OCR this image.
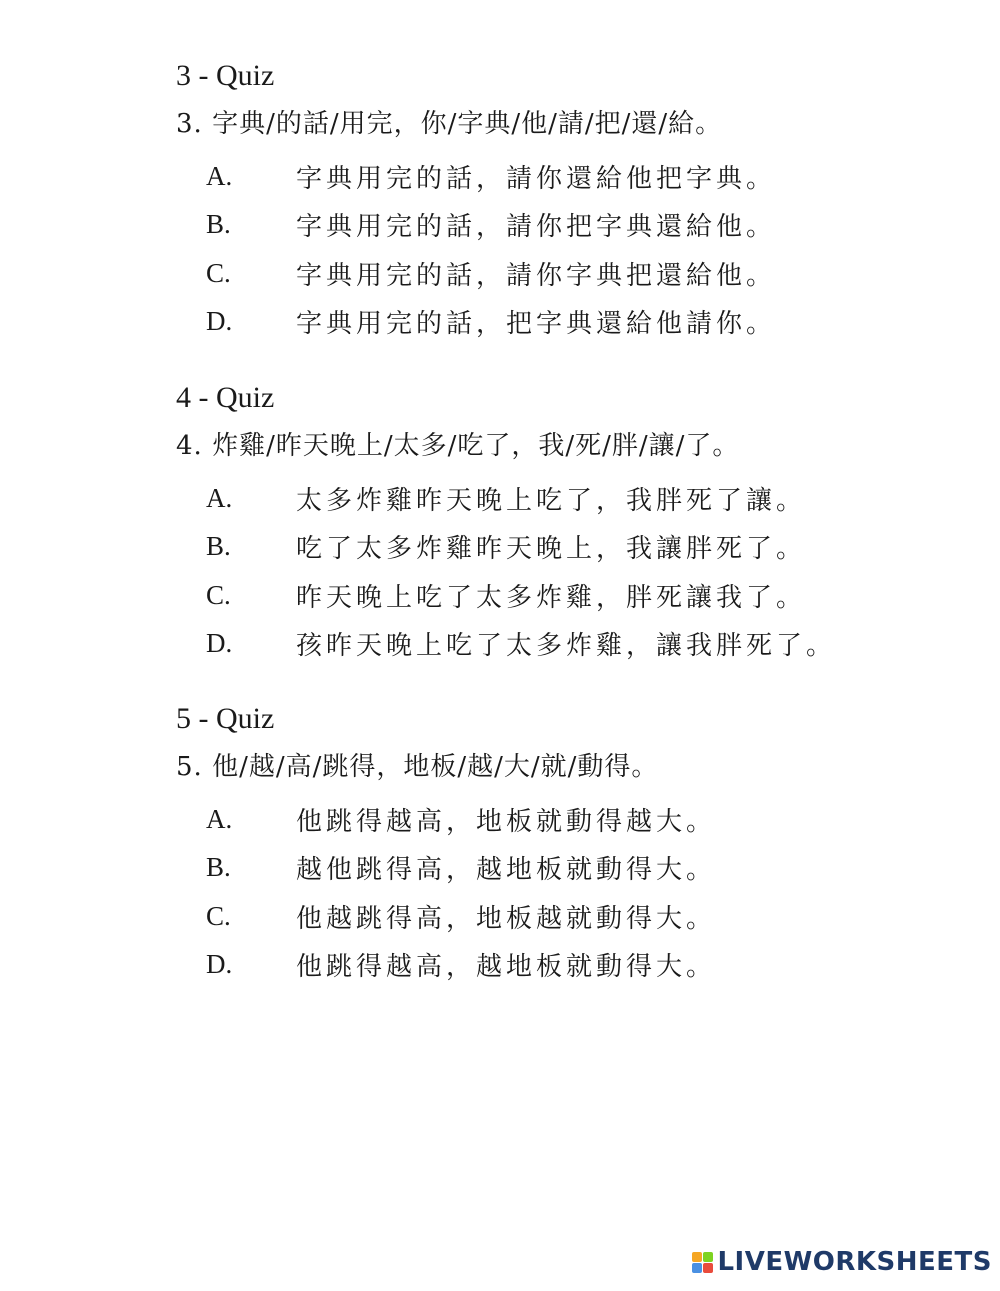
3 - Quiz
3. 字典/的話/用完，你/字典/他/請/把/還/給。
A.	字典用完的話，請你還給他把字典。
B.	字典用完的話，請你把字典還給他。
C.	字典用完的話，請你字典把還給他。
D.	字典用完的話，把字典還給他請你。
4 - Quiz
4. 炸雞/昨天晚上/太多/吃了，我/死/胖/讓/了。
A.	太多炸雞昨天晚上吃了，我胖死了讓。
B.	吃了太多炸雞昨天晚上，我讓胖死了。
C.	昨天晚上吃了太多炸雞，胖死讓我了。
D.	孩昨天晚上吃了太多炸雞，讓我胖死了。
5 - Quiz
5. 他/越/高/跳得，地板/越/大/就/動得。
A.	他跳得越高，地板就動得越大。
B.	越他跳得高，越地板就動得大。
C.	他越跳得高，地板越就動得大。
D.	他跳得越高，越地板就動得大。
LIVEWORKSHEETS
